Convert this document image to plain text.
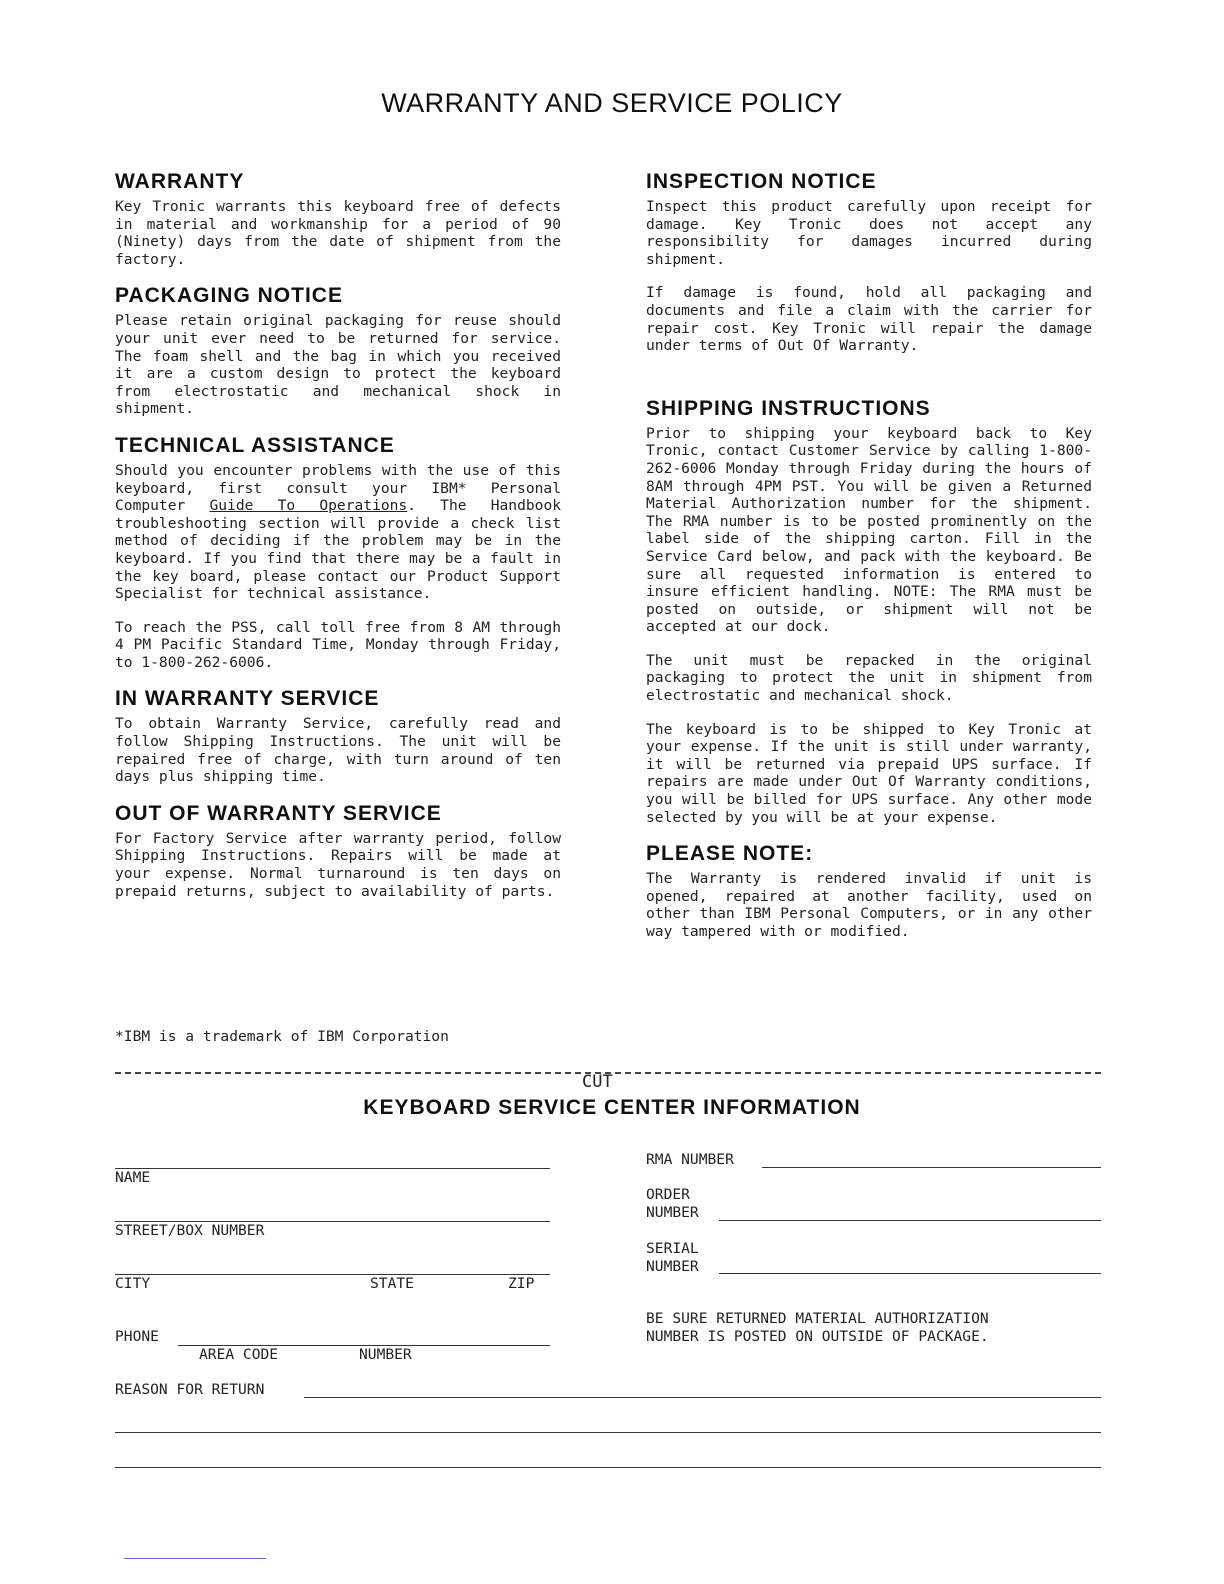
WARRANTY AND SERVICE POLICY
WARRANTY

Key Tronic warrants this keyboard free of defects in material and workmanship for a period of 90 (Ninety) days from the date of shipment from the factory.

PACKAGING NOTICE

Please retain original packaging for reuse should your unit ever need to be returned for service. The foam shell and the bag in which you received it are a custom design to protect the keyboard from electrostatic and mechanical shock in shipment.

TECHNICAL ASSISTANCE

Should you encounter problems with the use of this keyboard, first consult your IBM* Personal Computer Guide To Operations. The Handbook troubleshooting section will provide a check list method of deciding if the problem may be in the keyboard. If you find that there may be a fault in the key board, please contact our Product Support Specialist for technical assistance.

To reach the PSS, call toll free from 8 AM through 4 PM Pacific Standard Time, Monday through Friday, to 1-800-262-6006.

IN WARRANTY SERVICE

To obtain Warranty Service, carefully read and follow Shipping Instructions. The unit will be repaired free of charge, with turn around of ten days plus shipping time.

OUT OF WARRANTY SERVICE

For Factory Service after warranty period, follow Shipping Instructions. Repairs will be made at your expense. Normal turnaround is ten days on prepaid returns, subject to availability of parts.

INSPECTION NOTICE

Inspect this product carefully upon receipt for damage. Key Tronic does not accept any responsibility for damages incurred during shipment.

If damage is found, hold all packaging and documents and file a claim with the carrier for repair cost. Key Tronic will repair the damage under terms of Out Of Warranty.

SHIPPING INSTRUCTIONS

Prior to shipping your keyboard back to Key Tronic, contact Customer Service by calling 1-800-262-6006 Monday through Friday during the hours of 8AM through 4PM PST. You will be given a Returned Material Authorization number for the shipment. The RMA number is to be posted prominently on the label side of the shipping carton. Fill in the Service Card below, and pack with the keyboard. Be sure all requested information is entered to insure efficient handling. NOTE: The RMA must be posted on outside, or shipment will not be accepted at our dock.

The unit must be repacked in the original packaging to protect the unit in shipment from electrostatic and mechanical shock.

The keyboard is to be shipped to Key Tronic at your expense. If the unit is still under warranty, it will be returned via prepaid UPS surface. If repairs are made under Out Of Warranty conditions, you will be billed for UPS surface. Any other mode selected by you will be at your expense.

PLEASE NOTE:

The Warranty is rendered invalid if unit is opened, repaired at another facility, used on other than IBM Personal Computers, or in any other way tampered with or modified.

*IBM is a trademark of IBM Corporation
CUT
KEYBOARD SERVICE CENTER INFORMATION
NAME
STREET/BOX NUMBER
CITY	STATE	ZIP
PHONE
AREA CODE	NUMBER
REASON FOR RETURN
RMA NUMBER
ORDER
NUMBER
SERIAL
NUMBER
BE SURE RETURNED MATERIAL AUTHORIZATION
NUMBER IS POSTED ON OUTSIDE OF PACKAGE.
